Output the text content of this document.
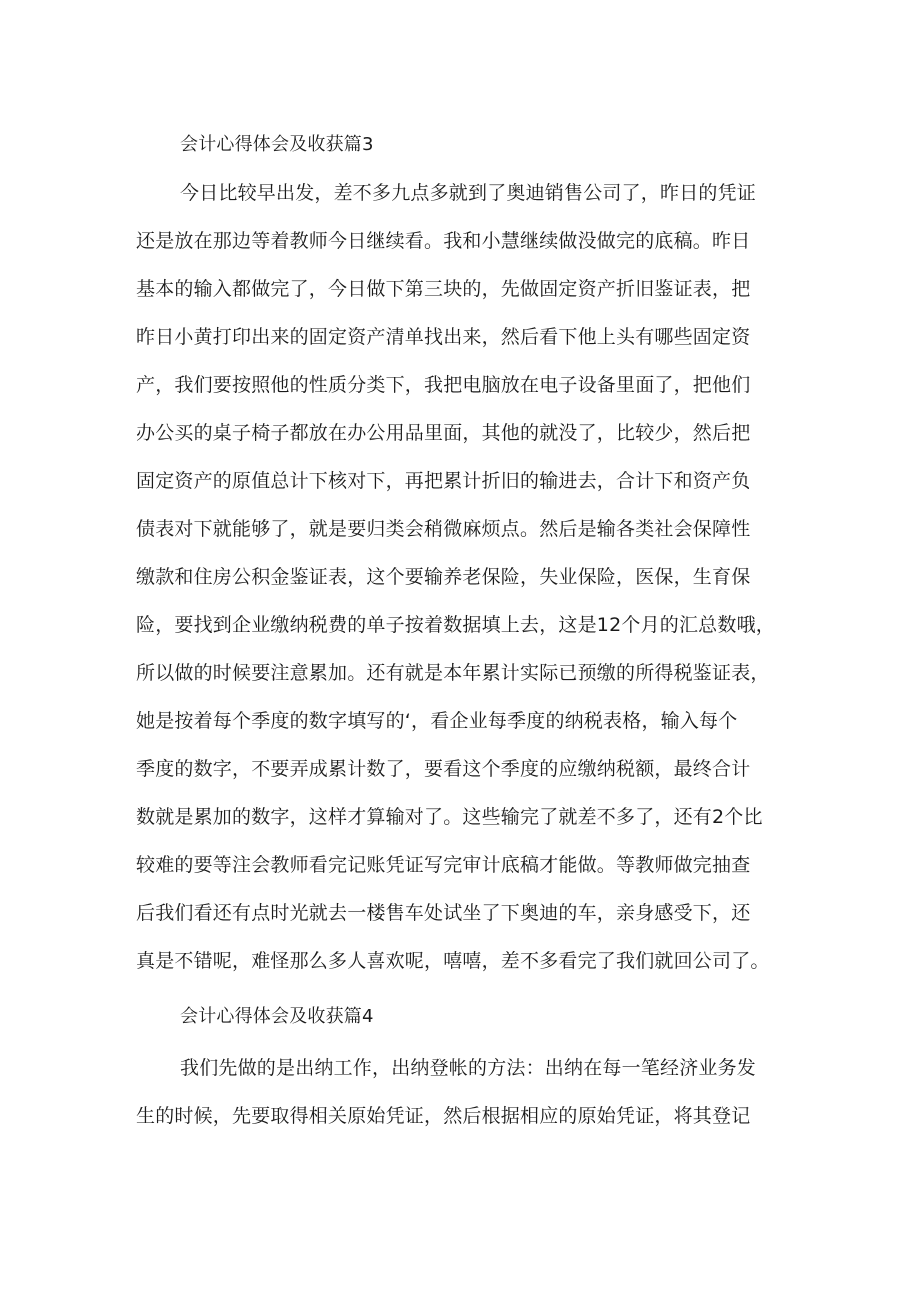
会计心得体会及收获篇3
今日比较早出发，差不多九点多就到了奥迪销售公司了，昨日的凭证
还是放在那边等着教师今日继续看。我和小慧继续做没做完的底稿。昨日
基本的输入都做完了，今日做下第三块的，先做固定资产折旧鉴证表，把
昨日小黄打印出来的固定资产清单找出来，然后看下他上头有哪些固定资
产，我们要按照他的性质分类下，我把电脑放在电子设备里面了，把他们
办公买的桌子椅子都放在办公用品里面，其他的就没了，比较少，然后把
固定资产的原值总计下核对下，再把累计折旧的输进去，合计下和资产负
债表对下就能够了，就是要归类会稍微麻烦点。然后是输各类社会保障性
缴款和住房公积金鉴证表，这个要输养老保险，失业保险，医保，生育保
险，要找到企业缴纳税费的单子按着数据填上去，这是12个月的汇总数哦，
所以做的时候要注意累加。还有就是本年累计实际已预缴的所得税鉴证表，
她是按着每个季度的数字填写的‘，看企业每季度的纳税表格，输入每个
季度的数字，不要弄成累计数了，要看这个季度的应缴纳税额，最终合计
数就是累加的数字，这样才算输对了。这些输完了就差不多了，还有2个比
较难的要等注会教师看完记账凭证写完审计底稿才能做。等教师做完抽查
后我们看还有点时光就去一楼售车处试坐了下奥迪的车，亲身感受下，还
真是不错呢，难怪那么多人喜欢呢，嘻嘻，差不多看完了我们就回公司了。
会计心得体会及收获篇4
我们先做的是出纳工作，出纳登帐的方法：出纳在每一笔经济业务发
生的时候，先要取得相关原始凭证，然后根据相应的原始凭证，将其登记
